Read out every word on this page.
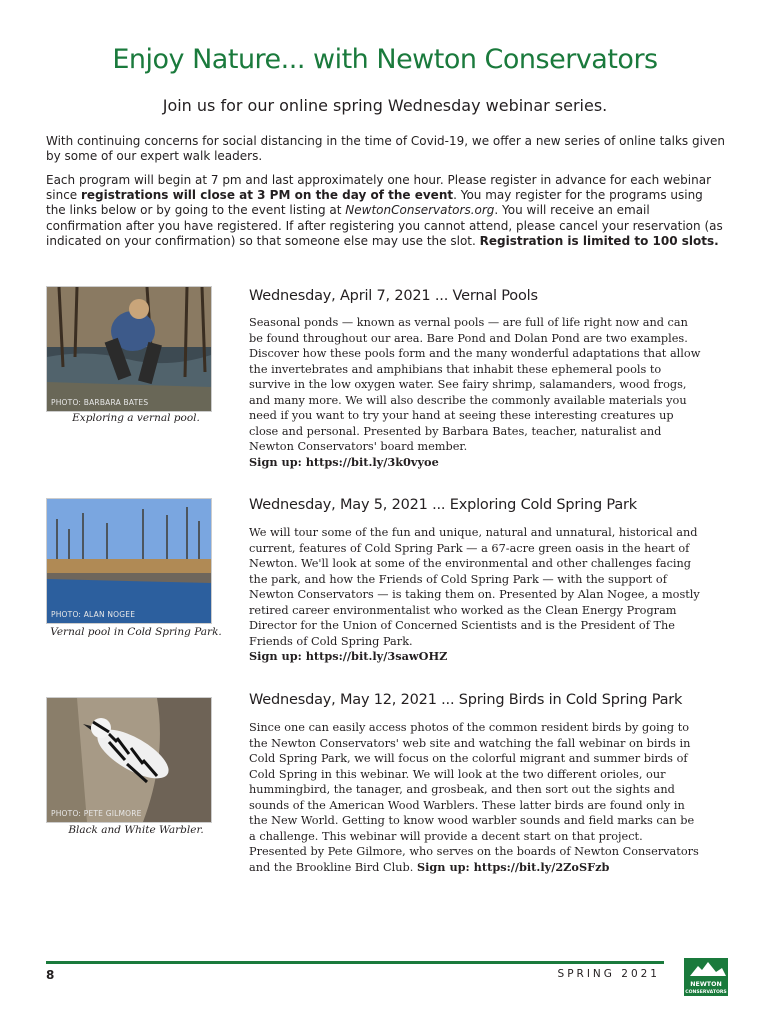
Enjoy Nature... with Newton Conservators
Join us for our online spring Wednesday webinar series.
With continuing concerns for social distancing in the time of Covid-19, we offer a new series of online talks given by some of our expert walk leaders.
Each program will begin at 7 pm and last approximately one hour. Please register in advance for each webinar since registrations will close at 3 PM on the day of the event. You may register for the programs using the links below or by going to the event listing at NewtonConservators.org. You will receive an email confirmation after you have registered. If after registering you cannot attend, please cancel your reservation (as indicated on your confirmation) so that someone else may use the slot. Registration is limited to 100 slots.
PHOTO: BARBARA BATES
Exploring a vernal pool.
Wednesday, April 7, 2021 ... Vernal Pools
Seasonal ponds — known as vernal pools — are full of life right now and can be found throughout our area. Bare Pond and Dolan Pond are two examples. Discover how these pools form and the many wonderful adaptations that allow the invertebrates and amphibians that inhabit these ephemeral pools to survive in the low oxygen water. See fairy shrimp, salamanders, wood frogs, and many more. We will also describe the commonly available materials you need if you want to try your hand at seeing these interesting creatures up close and personal. Presented by Barbara Bates, teacher, naturalist and Newton Conservators' board member.
Sign up: https://bit.ly/3k0vyoe
PHOTO: ALAN NOGEE
Vernal pool in Cold Spring Park.
Wednesday, May 5, 2021 ... Exploring Cold Spring Park
We will tour some of the fun and unique, natural and unnatural, historical and current, features of Cold Spring Park — a 67-acre green oasis in the heart of Newton. We'll look at some of the environmental and other challenges facing the park, and how the Friends of Cold Spring Park — with the support of Newton Conservators — is taking them on. Presented by Alan Nogee, a mostly retired career environmentalist who worked as the Clean Energy Program Director for the Union of Concerned Scientists and is the President of The Friends of Cold Spring Park.
Sign up: https://bit.ly/3sawOHZ
PHOTO: PETE GILMORE
Black and White Warbler.
Wednesday, May 12, 2021 ... Spring Birds in Cold Spring Park
Since one can easily access photos of the common resident birds by going to the Newton Conservators' web site and watching the fall webinar on birds in Cold Spring Park, we will focus on the colorful migrant and summer birds of Cold Spring in this webinar. We will look at the two different orioles, our hummingbird, the tanager, and grosbeak, and then sort out the sights and sounds of the American Wood Warblers. These latter birds are found only in the New World. Getting to know wood warbler sounds and field marks can be a challenge. This webinar will provide a decent start on that project. Presented by Pete Gilmore, who serves on the boards of Newton Conservators and the Brookline Bird Club. Sign up: https://bit.ly/2ZoSFzb
8	SPRING 2021
NEWTON
CONSERVATORS
